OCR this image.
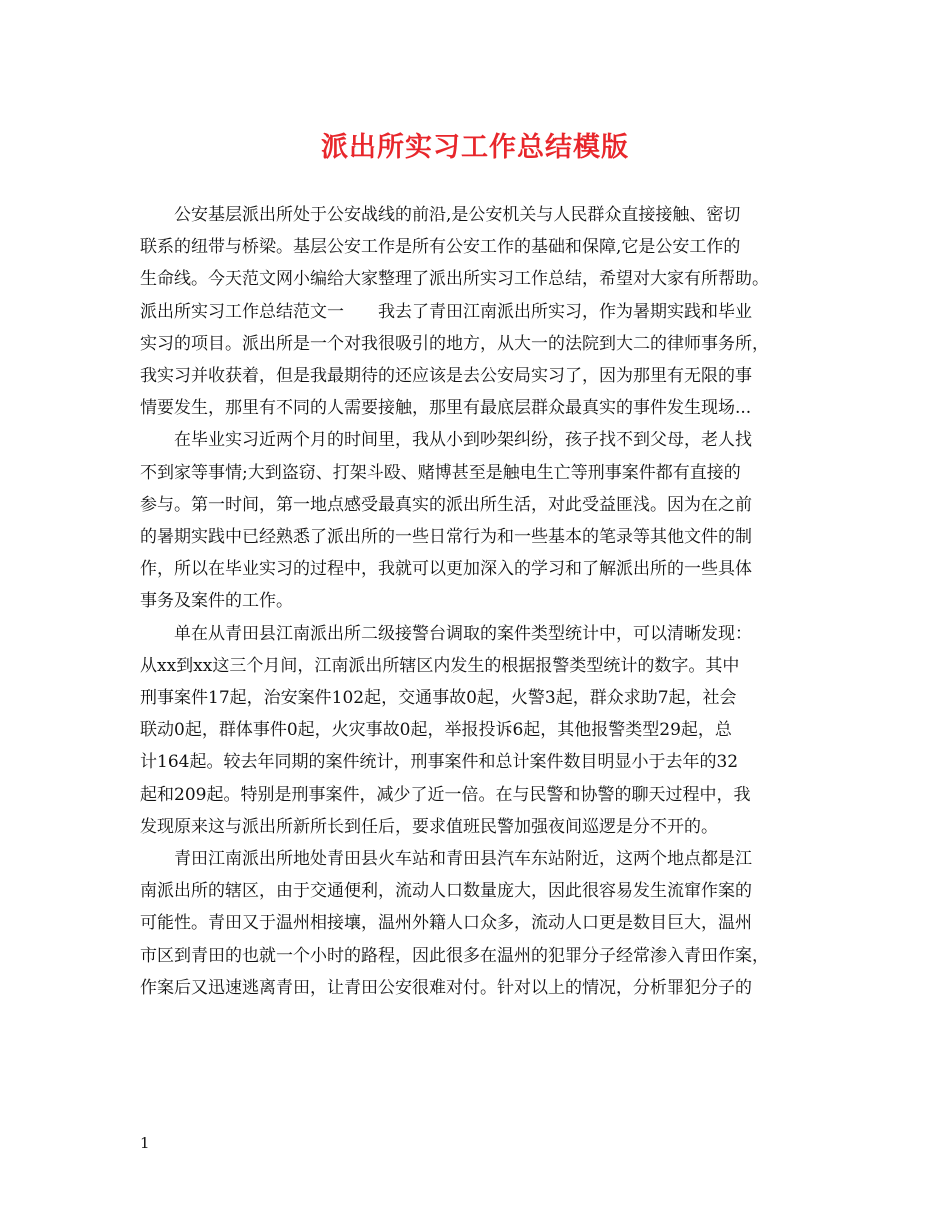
派出所实习工作总结模版

公安基层派出所处于公安战线的前沿,是公安机关与人民群众直接接触、密切
联系的纽带与桥梁。基层公安工作是所有公安工作的基础和保障,它是公安工作的
生命线。今天范文网小编给大家整理了派出所实习工作总结，希望对大家有所帮助。
派出所实习工作总结范文一　　我去了青田江南派出所实习，作为暑期实践和毕业
实习的项目。派出所是一个对我很吸引的地方，从大一的法院到大二的律师事务所，
我实习并收获着，但是我最期待的还应该是去公安局实习了，因为那里有无限的事
情要发生，那里有不同的人需要接触，那里有最底层群众最真实的事件发生现场...

在毕业实习近两个月的时间里，我从小到吵架纠纷，孩子找不到父母，老人找
不到家等事情;大到盗窃、打架斗殴、赌博甚至是触电生亡等刑事案件都有直接的
参与。第一时间，第一地点感受最真实的派出所生活，对此受益匪浅。因为在之前
的暑期实践中已经熟悉了派出所的一些日常行为和一些基本的笔录等其他文件的制
作，所以在毕业实习的过程中，我就可以更加深入的学习和了解派出所的一些具体
事务及案件的工作。

单在从青田县江南派出所二级接警台调取的案件类型统计中，可以清晰发现：
从xx到xx这三个月间，江南派出所辖区内发生的根据报警类型统计的数字。其中
刑事案件17起，治安案件102起，交通事故0起，火警3起，群众求助7起，社会
联动0起，群体事件0起，火灾事故0起，举报投诉6起，其他报警类型29起，总
计164起。较去年同期的案件统计，刑事案件和总计案件数目明显小于去年的32
起和209起。特别是刑事案件，减少了近一倍。在与民警和协警的聊天过程中，我
发现原来这与派出所新所长到任后，要求值班民警加强夜间巡逻是分不开的。

青田江南派出所地处青田县火车站和青田县汽车东站附近，这两个地点都是江
南派出所的辖区，由于交通便利，流动人口数量庞大，因此很容易发生流窜作案的
可能性。青田又于温州相接壤，温州外籍人口众多，流动人口更是数目巨大，温州
市区到青田的也就一个小时的路程，因此很多在温州的犯罪分子经常渗入青田作案，
作案后又迅速逃离青田，让青田公安很难对付。针对以上的情况，分析罪犯分子的

1
